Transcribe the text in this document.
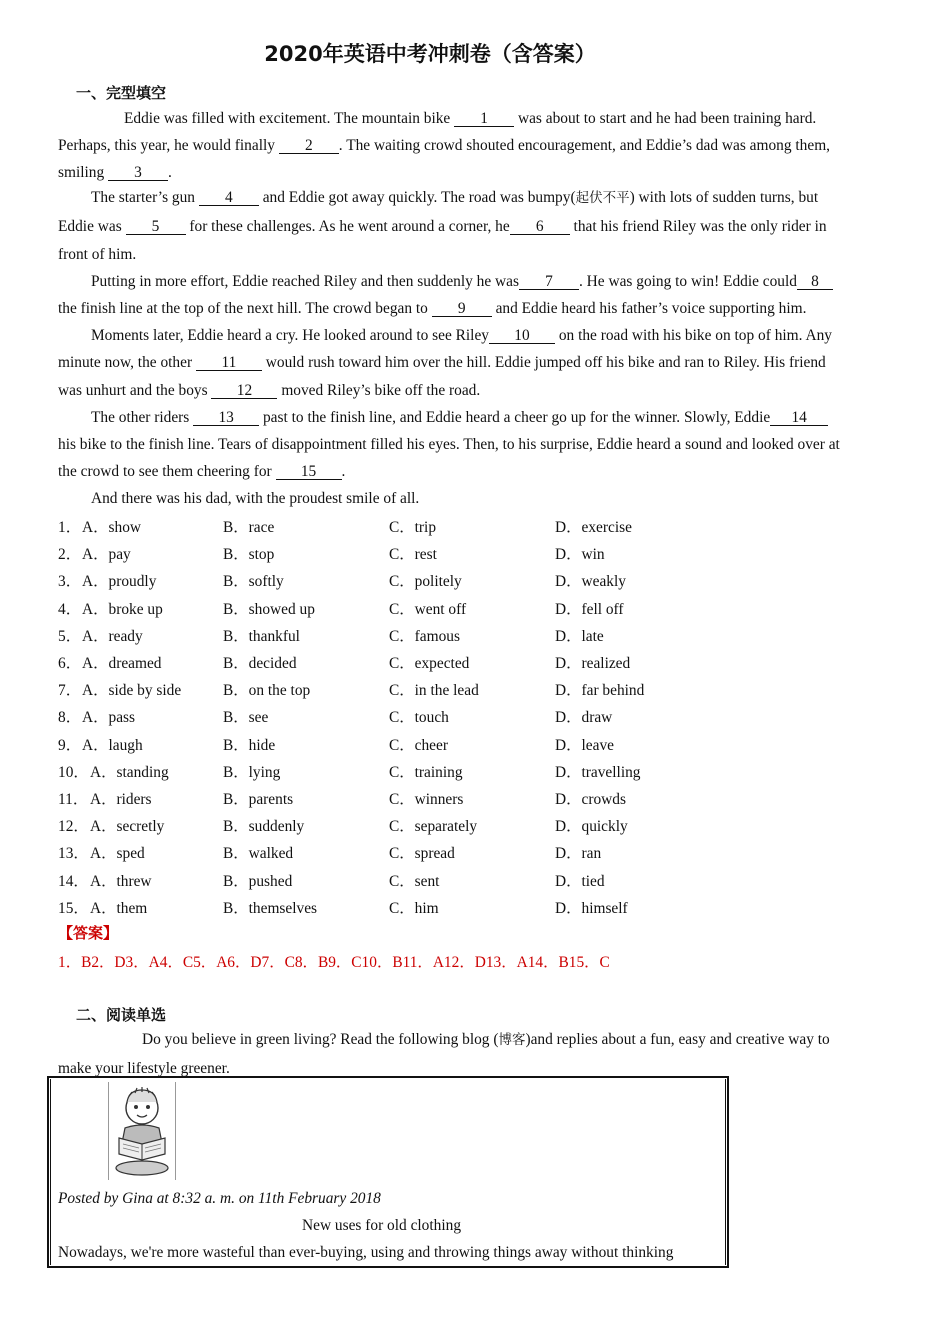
2020年英语中考冲刺卷（含答案）
一、完型填空
Eddie was filled with excitement. The mountain bike 1 was about to start and he had been training hard.
Perhaps, this year, he would finally 2 . The waiting crowd shouted encouragement, and Eddie’s dad was among them,
smiling 3 .
The starter’s gun 4 and Eddie got away quickly. The road was bumpy(起伏不平) with lots of sudden turns, but
Eddie was 5 for these challenges. As he went around a corner, he 6 that his friend Riley was the only rider in
front of him.
Putting in more effort, Eddie reached Riley and then suddenly he was 7 . He was going to win! Eddie could 8
the finish line at the top of the next hill. The crowd began to 9 and Eddie heard his father’s voice supporting him.
Moments later, Eddie heard a cry. He looked around to see Riley 10 on the road with his bike on top of him. Any
minute now, the other 11 would rush toward him over the hill. Eddie jumped off his bike and ran to Riley. His friend
was unhurt and the boys 12 moved Riley’s bike off the road.
The other riders 13 past to the finish line, and Eddie heard a cheer go up for the winner. Slowly, Eddie 14
his bike to the finish line. Tears of disappointment filled his eyes. Then, to his surprise, Eddie heard a sound and looked over at
the crowd to see them cheering for 15 .
And there was his dad, with the proudest smile of all.
1． A．show	B．race	C．trip	D．exercise
2． A．pay	B．stop	C．rest	D．win
3． A．proudly	B．softly	C．politely	D．weakly
4． A．broke up	B．showed up	C．went off	D．fell off
5． A．ready	B．thankful	C．famous	D．late
6． A．dreamed	B．decided	C．expected	D．realized
7． A．side by side	B．on the top	C．in the lead	D．far behind
8． A．pass	B．see	C．touch	D．draw
9． A．laugh	B．hide	C．cheer	D．leave
10． A．standing	B．lying	C．training	D．travelling
11． A．riders	B．parents	C．winners	D．crowds
12． A．secretly	B．suddenly	C．separately	D．quickly
13． A．sped	B．walked	C．spread	D．ran
14． A．threw	B．pushed	C．sent	D．tied
15． A．them	B．themselves	C．him	D．himself
【答案】
1．B2．D3．A4．C5．A6．D7．C8．B9．C10．B11．A12．D13．A14．B15．C
二、阅读单选
Do you believe in green living? Read the following blog (博客)and replies about a fun, easy and creative way to
make your lifestyle greener.
Posted by Gina at 8:32 a. m. on 11th February 2018
New uses for old clothing
Nowadays, we're more wasteful than ever-buying, using and throwing things away without thinking
